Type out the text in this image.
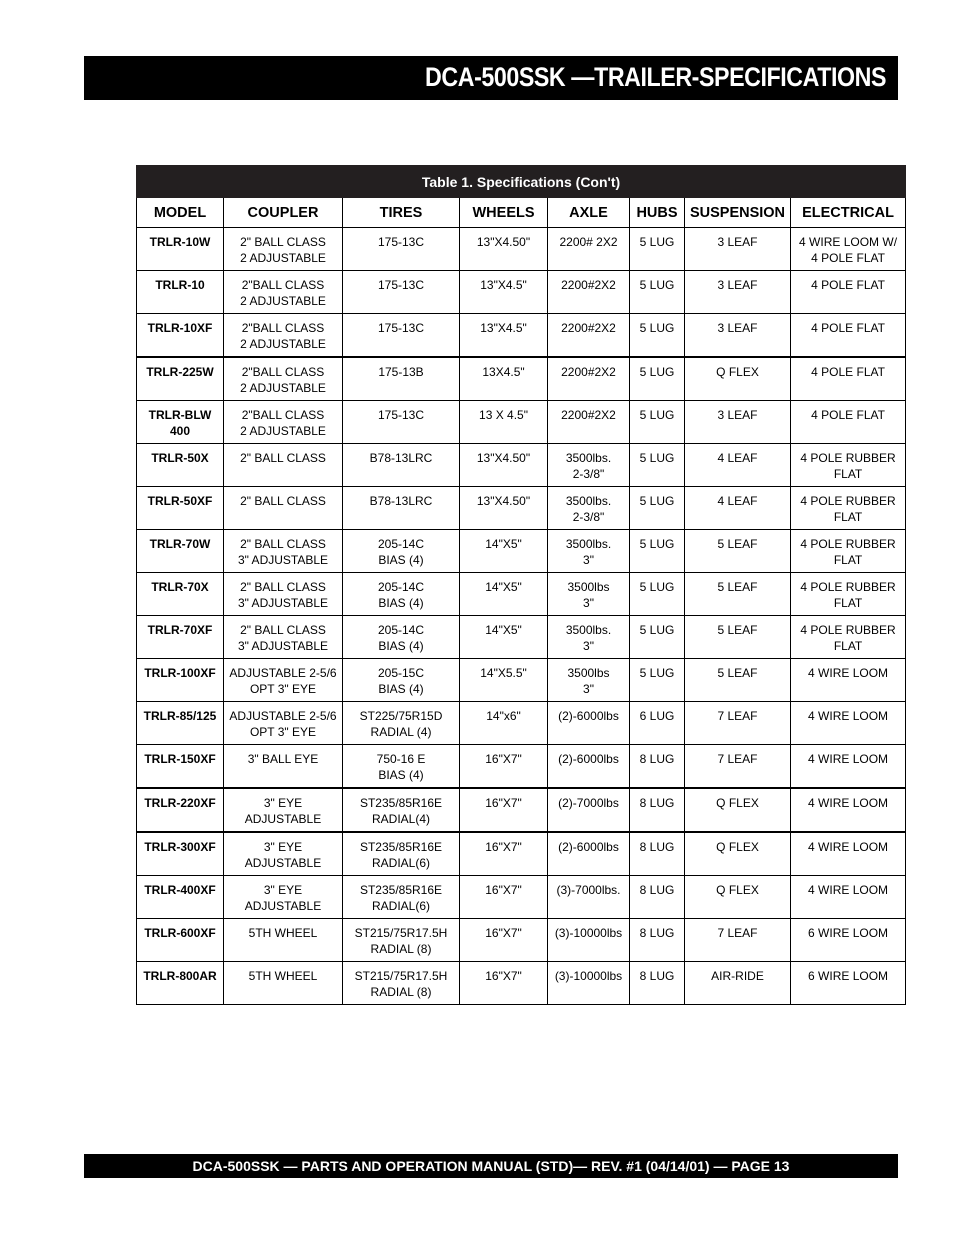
DCA-500SSK —TRAILER-SPECIFICATIONS
Table 1. Specifications (Con't)							
MODEL	COUPLER	TIRES	WHEELS	AXLE	HUBS	SUSPENSION	ELECTRICAL
TRLR-10W	2" BALL CLASS
2 ADJUSTABLE	175-13C	13"X4.50"	2200# 2X2	5 LUG	3 LEAF	4 WIRE LOOM W/
4 POLE FLAT
TRLR-10	2"BALL CLASS
2 ADJUSTABLE	175-13C	13"X4.5"	2200#2X2	5 LUG	3 LEAF	4 POLE FLAT
TRLR-10XF	2"BALL CLASS
2 ADJUSTABLE	175-13C	13"X4.5"	2200#2X2	5 LUG	3 LEAF	4 POLE FLAT
TRLR-225W	2"BALL CLASS
2 ADJUSTABLE	175-13B	13X4.5"	2200#2X2	5 LUG	Q FLEX	4 POLE FLAT
TRLR-BLW
400	2"BALL CLASS
2 ADJUSTABLE	175-13C	13 X 4.5"	2200#2X2	5 LUG	3 LEAF	4 POLE FLAT
TRLR-50X	2" BALL CLASS	B78-13LRC	13"X4.50"	3500lbs.
2-3/8"	5 LUG	4 LEAF	4 POLE RUBBER
FLAT
TRLR-50XF	2" BALL CLASS	B78-13LRC	13"X4.50"	3500lbs.
2-3/8"	5 LUG	4 LEAF	4 POLE RUBBER
FLAT
TRLR-70W	2" BALL CLASS
3" ADJUSTABLE	205-14C
BIAS (4)	14"X5"	3500lbs.
3"	5 LUG	5 LEAF	4 POLE RUBBER
FLAT
TRLR-70X	2" BALL CLASS
3" ADJUSTABLE	205-14C
BIAS (4)	14"X5"	3500lbs
3"	5 LUG	5 LEAF	4 POLE RUBBER
FLAT
TRLR-70XF	2" BALL CLASS
3" ADJUSTABLE	205-14C
BIAS (4)	14"X5"	3500lbs.
3"	5 LUG	5 LEAF	4 POLE RUBBER
FLAT
TRLR-100XF	ADJUSTABLE 2-5/6
OPT 3" EYE	205-15C
BIAS (4)	14"X5.5"	3500lbs
3"	5 LUG	5 LEAF	4 WIRE LOOM
TRLR-85/125	ADJUSTABLE 2-5/6
OPT 3" EYE	ST225/75R15D
RADIAL (4)	14"x6"	(2)-6000lbs	6 LUG	7 LEAF	4 WIRE LOOM
TRLR-150XF	3" BALL EYE	750-16 E
BIAS (4)	16"X7"	(2)-6000lbs	8 LUG	7 LEAF	4 WIRE LOOM
TRLR-220XF	3" EYE
ADJUSTABLE	ST235/85R16E
RADIAL(4)	16"X7"	(2)-7000lbs	8 LUG	Q FLEX	4 WIRE LOOM
TRLR-300XF	3" EYE
ADJUSTABLE	ST235/85R16E
RADIAL(6)	16"X7"	(2)-6000lbs	8 LUG	Q FLEX	4 WIRE LOOM
TRLR-400XF	3" EYE
ADJUSTABLE	ST235/85R16E
RADIAL(6)	16"X7"	(3)-7000lbs.	8 LUG	Q FLEX	4 WIRE LOOM
TRLR-600XF	5TH WHEEL	ST215/75R17.5H
RADIAL (8)	16"X7"	(3)-10000lbs	8 LUG	7 LEAF	6 WIRE LOOM
TRLR-800AR	5TH WHEEL	ST215/75R17.5H
RADIAL (8)	16"X7"	(3)-10000lbs	8 LUG	AIR-RIDE	6 WIRE LOOM
DCA-500SSK — PARTS AND OPERATION MANUAL (STD)— REV. #1 (04/14/01) — PAGE 13
